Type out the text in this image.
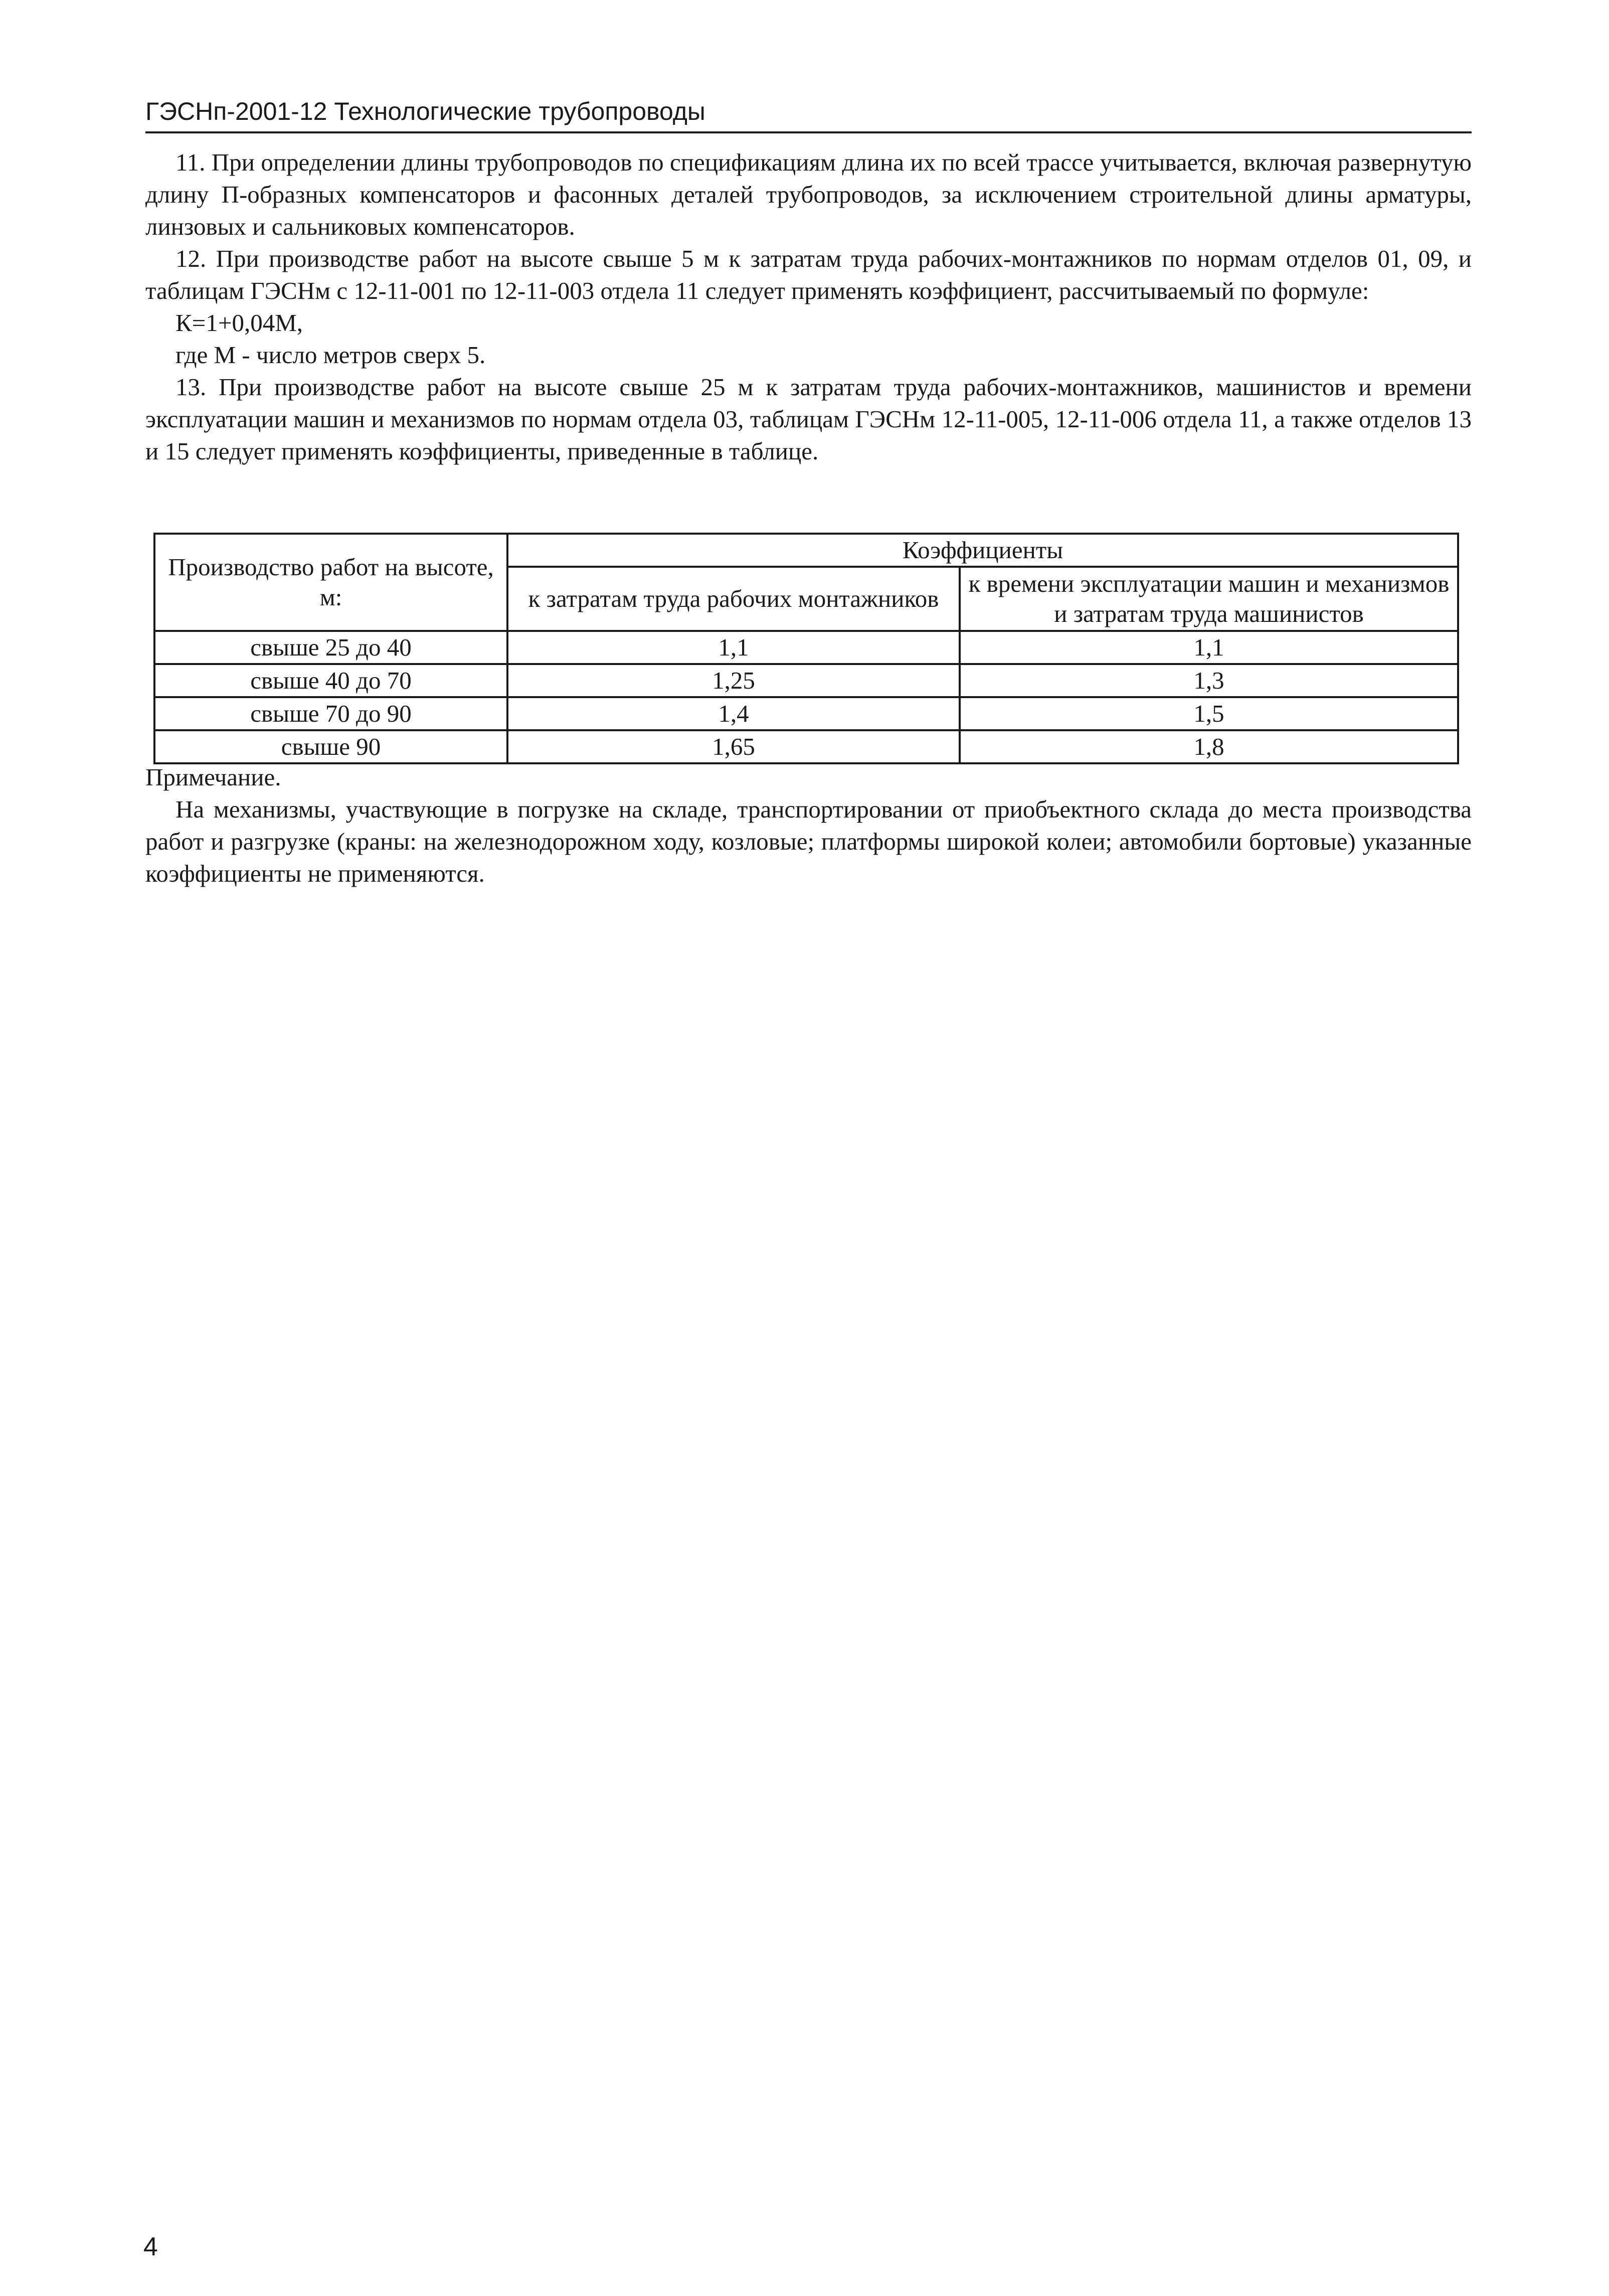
ГЭСНп-2001-12 Технологические трубопроводы

11. При определении длины трубопроводов по спецификациям длина их по всей трассе учитывается, включая развернутую длину П-образных компенсаторов и фасонных деталей трубопроводов, за исключением строительной длины арматуры, линзовых и сальниковых компенсаторов.

12. При производстве работ на высоте свыше 5 м к затратам труда рабочих-монтажников по нормам отделов 01, 09, и таблицам ГЭСНм с 12-11-001 по 12-11-003 отдела 11 следует применять коэффициент, рассчитываемый по формуле:

К=1+0,04М,

где М - число метров сверх 5.

13. При производстве работ на высоте свыше 25 м к затратам труда рабочих-монтажников, машинистов и времени эксплуатации машин и механизмов по нормам отдела 03, таблицам ГЭСНм 12-11-005, 12-11-006 отдела 11, а также отделов 13 и 15 следует применять коэффициенты, приведенные в таблице.

Производство работ на высоте, м:	Коэффициенты	
	к затратам труда рабочих монтажников	к времени эксплуатации машин и механизмов и затратам труда машинистов
свыше 25 до 40	1,1	1,1
свыше 40 до 70	1,25	1,3
свыше 70 до 90	1,4	1,5
свыше 90	1,65	1,8

Примечание.

На механизмы, участвующие в погрузке на складе, транспортировании от приобъектного склада до места производства работ и разгрузке (краны: на железнодорожном ходу, козловые; платформы широкой колеи; автомобили бортовые) указанные коэффициенты не применяются.

4
